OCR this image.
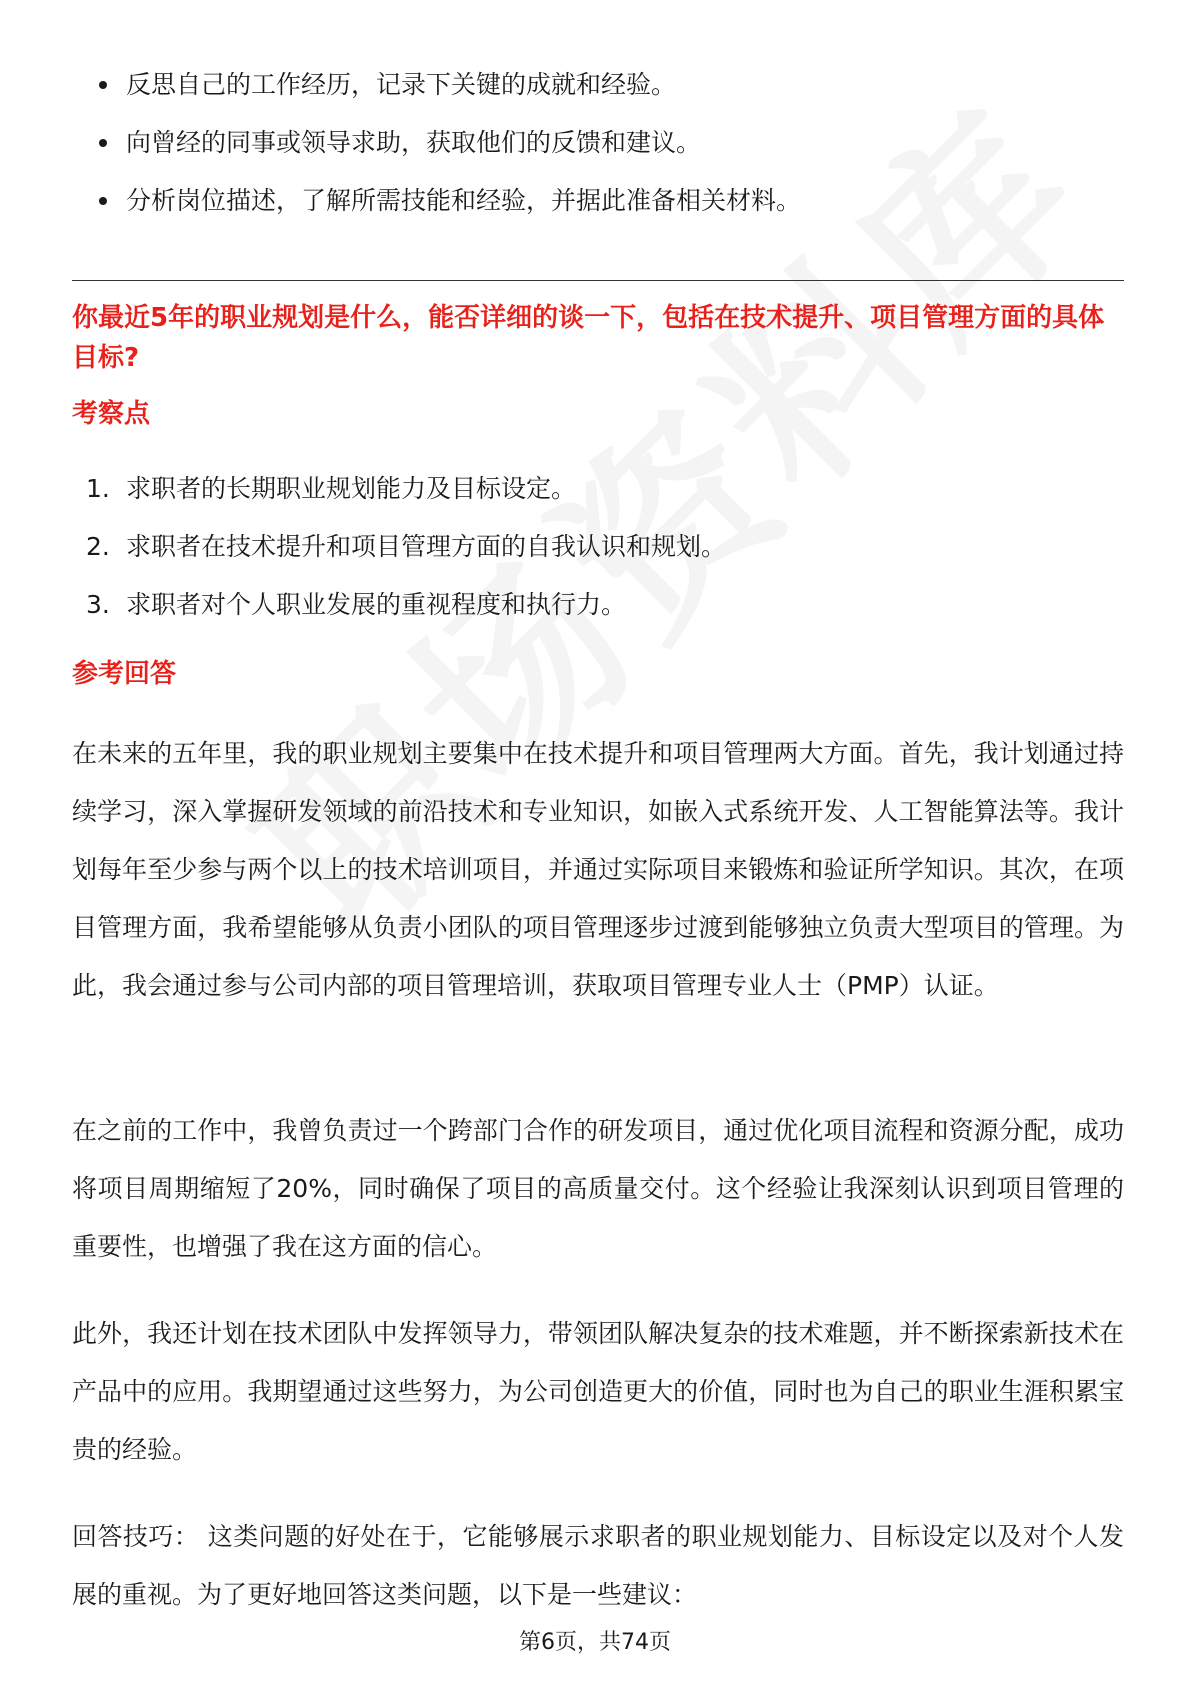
反思自己的工作经历，记录下关键的成就和经验。
向曾经的同事或领导求助，获取他们的反馈和建议。
分析岗位描述，了解所需技能和经验，并据此准备相关材料。
你最近5年的职业规划是什么，能否详细的谈一下，包括在技术提升、项目管理方面的具体目标?
考察点
1. 求职者的长期职业规划能力及目标设定。
2. 求职者在技术提升和项目管理方面的自我认识和规划。
3. 求职者对个人职业发展的重视程度和执行力。
参考回答
在未来的五年里，我的职业规划主要集中在技术提升和项目管理两大方面。首先，我计划通过持续学习，深入掌握研发领域的前沿技术和专业知识，如嵌入式系统开发、人工智能算法等。我计划每年至少参与两个以上的技术培训项目，并通过实际项目来锻炼和验证所学知识。其次，在项目管理方面，我希望能够从负责小团队的项目管理逐步过渡到能够独立负责大型项目的管理。为此，我会通过参与公司内部的项目管理培训，获取项目管理专业人士（PMP）认证。
在之前的工作中，我曾负责过一个跨部门合作的研发项目，通过优化项目流程和资源分配，成功将项目周期缩短了20%，同时确保了项目的高质量交付。这个经验让我深刻认识到项目管理的重要性，也增强了我在这方面的信心。
此外，我还计划在技术团队中发挥领导力，带领团队解决复杂的技术难题，并不断探索新技术在产品中的应用。我期望通过这些努力，为公司创造更大的价值，同时也为自己的职业生涯积累宝贵的经验。
回答技巧： 这类问题的好处在于，它能够展示求职者的职业规划能力、目标设定以及对个人发展的重视。为了更好地回答这类问题，以下是一些建议：
第6页，共74页
